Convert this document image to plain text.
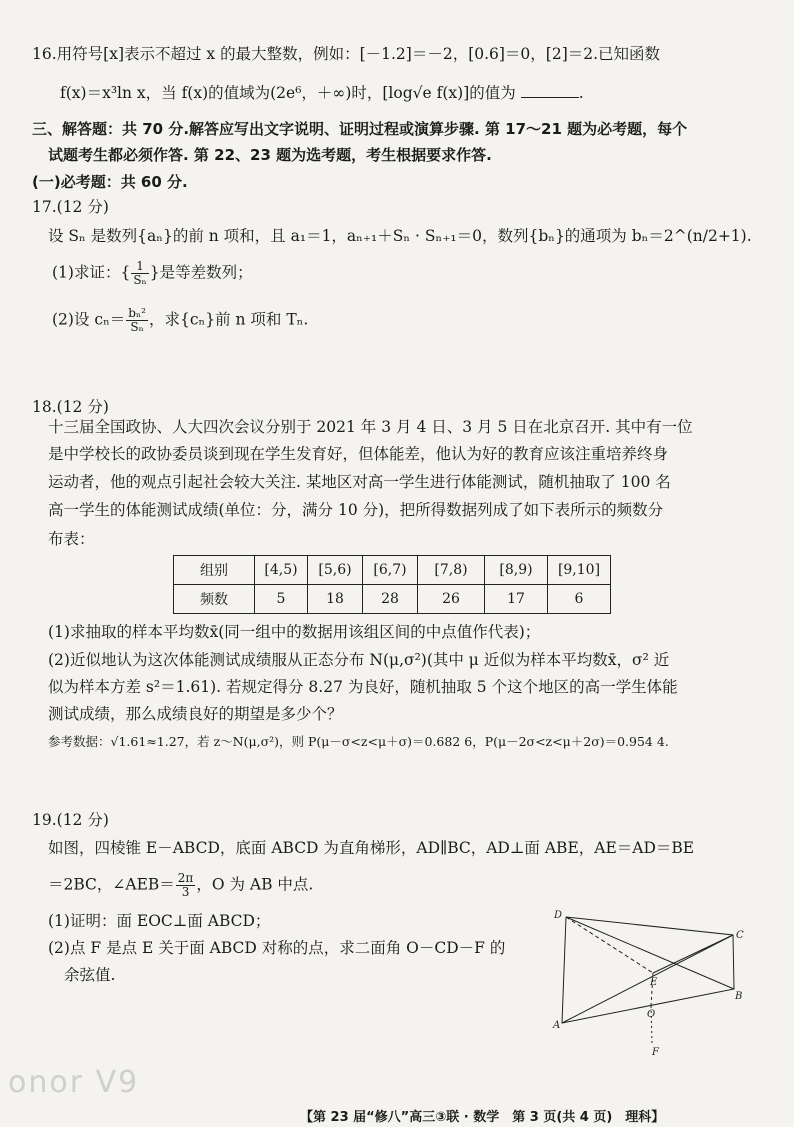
16.用符号[x]表示不超过 x 的最大整数，例如：[－1.2]＝－2，[0.6]＝0，[2]＝2.已知函数
f(x)＝x³ln x，当 f(x)的值域为(2e⁶，＋∞)时，[log√e f(x)]的值为	.
三、解答题：共 70 分.解答应写出文字说明、证明过程或演算步骤. 第 17～21 题为必考题，每个
试题考生都必须作答. 第 22、23 题为选考题，考生根据要求作答.
(一)必考题：共 60 分.
17.(12 分)
设 Sₙ 是数列{aₙ}的前 n 项和，且 a₁＝1，aₙ₊₁＋Sₙ · Sₙ₊₁＝0，数列{bₙ}的通项为 bₙ＝2^(n/2+1).
(1)求证：{ $\frac{1}{\text{Sₙ}}$ }是等差数列；
(2)设 $c_n= \frac{\text{bₙ²}}{\text{Sₙ}}$ ，求{cₙ}前 n 项和 Tₙ.
18.(12 分)
十三届全国政协、人大四次会议分别于 2021 年 3 月 4 日、3 月 5 日在北京召开. 其中有一位
是中学校长的政协委员谈到现在学生发育好，但体能差，他认为好的教育应该注重培养终身
运动者，他的观点引起社会较大关注. 某地区对高一学生进行体能测试，随机抽取了 100 名
高一学生的体能测试成绩(单位：分，满分 10 分)，把所得数据列成了如下表所示的频数分
布表：
组别	[4,5)	[5,6)	[6,7)	[7,8)	[8,9)	[9,10]
频数	5	18	28	26	17	6
(1)求抽取的样本平均数x̄(同一组中的数据用该组区间的中点值作代表)；
(2)近似地认为这次体能测试成绩服从正态分布 N(μ,σ²)(其中 μ 近似为样本平均数x̄，σ² 近
似为样本方差 s²＝1.61). 若规定得分 8.27 为良好，随机抽取 5 个这个地区的高一学生体能
测试成绩，那么成绩良好的期望是多少个？
参考数据：√1.61≈1.27，若 z～N(μ,σ²)，则 P(μ－σ<z<μ＋σ)＝0.682 6，P(μ－2σ<z<μ＋2σ)＝0.954 4.
19.(12 分)
如图，四棱锥 E－ABCD，底面 ABCD 为直角梯形，AD∥BC，AD⊥面 ABE，AE＝AD＝BE
＝2BC，∠AEB＝ $\frac{2\pi}{3}$ ，O 为 AB 中点.
(1)证明：面 EOC⊥面 ABCD；
(2)点 F 是点 E 关于面 ABCD 对称的点，求二面角 O－CD－F 的
余弦值.
D
C
E
B
A
O
F
onor V9
【第 23 届“修八”高三③联 · 数学　第 3 页(共 4 页)　理科】
